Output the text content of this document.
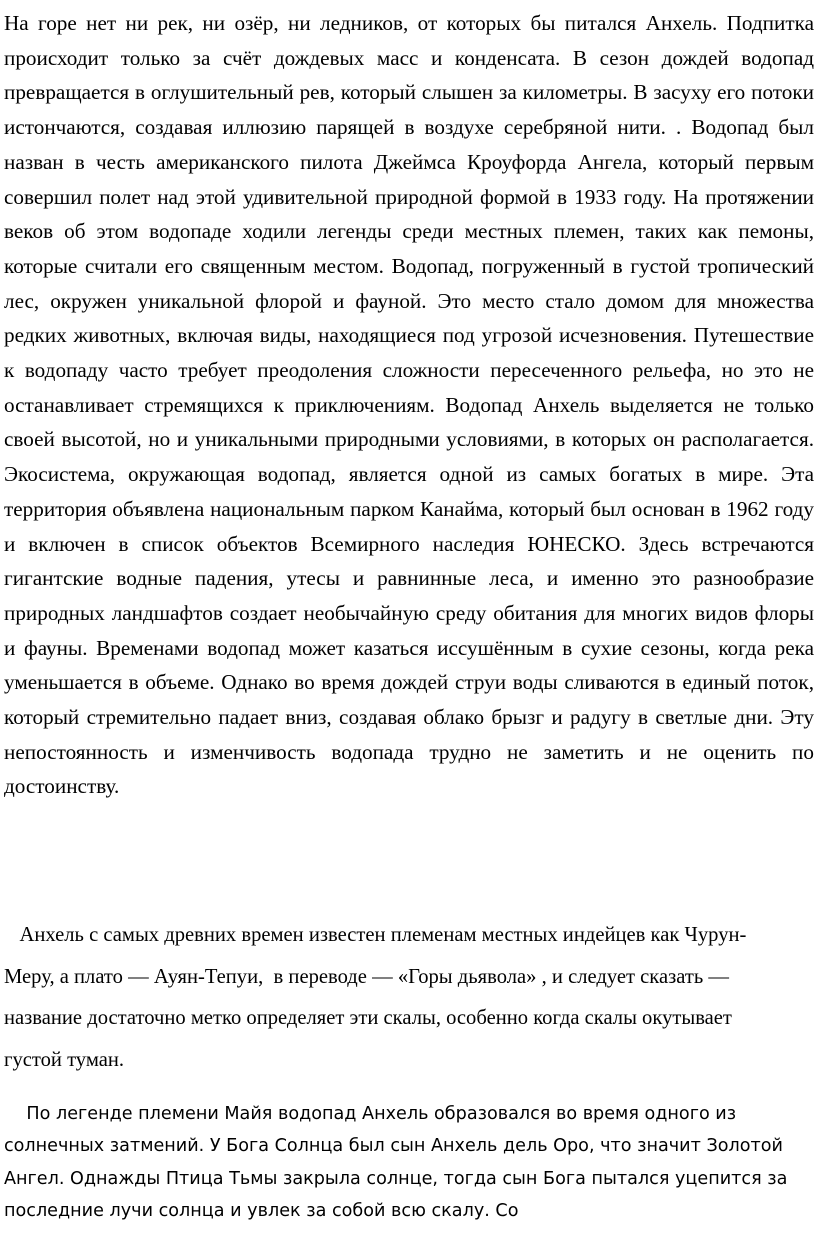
На горе нет ни рек, ни озёр, ни ледников, от которых бы питался Анхель. Подпитка происходит только за счёт дождевых масс и конденсата. В сезон дождей водопад превращается в оглушительный рев, который слышен за километры. В засуху его потоки истончаются, создавая иллюзию парящей в воздухе серебряной нити. . Водопад был назван в честь американского пилота Джеймса Кроуфорда Ангела, который первым совершил полет над этой удивительной природной формой в 1933 году. На протяжении веков об этом водопаде ходили легенды среди местных племен, таких как пемоны, которые считали его священным местом. Водопад, погруженный в густой тропический лес, окружен уникальной флорой и фауной. Это место стало домом для множества редких животных, включая виды, находящиеся под угрозой исчезновения. Путешествие к водопаду часто требует преодоления сложности пересеченного рельефа, но это не останавливает стремящихся к приключениям. Водопад Анхель выделяется не только своей высотой, но и уникальными природными условиями, в которых он располагается. Экосистема, окружающая водопад, является одной из самых богатых в мире. Эта территория объявлена национальным парком Канайма, который был основан в 1962 году и включен в список объектов Всемирного наследия ЮНЕСКО. Здесь встречаются гигантские водные падения, утесы и равнинные леса, и именно это разнообразие природных ландшафтов создает необычайную среду обитания для многих видов флоры и фауны. Временами водопад может казаться иссушённым в сухие сезоны, когда река уменьшается в объеме. Однако во время дождей струи воды сливаются в единый поток, который стремительно падает вниз, создавая облако брызг и радугу в светлые дни. Эту непостоянность и изменчивость водопада трудно не заметить и не оценить по достоинству.

Анхель с самых древних времен известен племенам местных индейцев как Чурун-Меру, а плато — Ауян-Тепуи,  в переводе — «Горы дьявола» , и следует сказать — название достаточно метко определяет эти скалы, особенно когда скалы окутывает густой туман.

По легенде племени Майя водопад Анхель образовался во время одного из солнечных затмений. У Бога Солнца был сын Анхель дель Оро, что значит Золотой Ангел. Однажды Птица Тьмы закрыла солнце, тогда сын Бога пытался уцепится за последние лучи солнца и увлек за собой всю скалу. Со
